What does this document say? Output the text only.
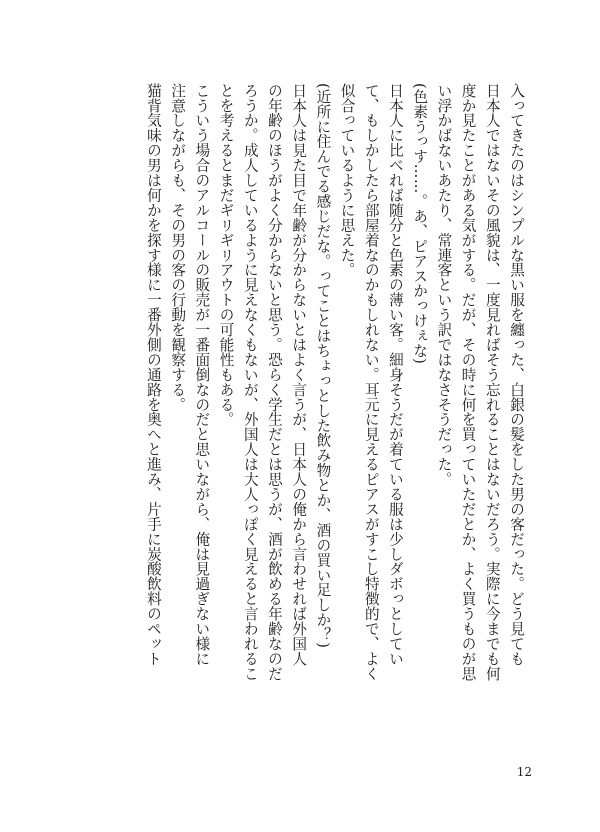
入ってきたのはシンプルな黒い服を纏った、白銀の髪をした男の客だった。どう見ても
日本人ではないその風貌は、一度見ればそう忘れることはないだろう。実際に今までも何
度か見たことがある気がする。だが、その時に何を買っていただとか、よく買うものが思
い浮かばないあたり、常連客という訳ではなさそうだった。
(色素うっす……。あ、ピアスかっけぇな)
日本人に比べれば随分と色素の薄い客。細身そうだが着ている服は少しダボっとしてい
て、もしかしたら部屋着なのかもしれない。耳元に見えるピアスがすこし特徴的で、よく
似合っているように思えた。
(近所に住んでる感じだな。ってことはちょっとした飲み物とか、酒の買い足しか？)
日本人は見た目で年齢が分からないとはよく言うが、日本人の俺から言わせれば外国人
の年齢のほうがよく分からないと思う。恐らく学生だとは思うが、酒が飲める年齢なのだ
ろうか。成人しているように見えなくもないが、外国人は大人っぽく見えると言われるこ
とを考えるとまだギリギリアウトの可能性もある。
こういう場合のアルコールの販売が一番面倒なのだと思いながら、俺は見過ぎない様に
注意しながらも、その男の客の行動を観察する。
猫背気味の男は何かを探す様に一番外側の通路を奥へと進み、片手に炭酸飲料のペット
12
